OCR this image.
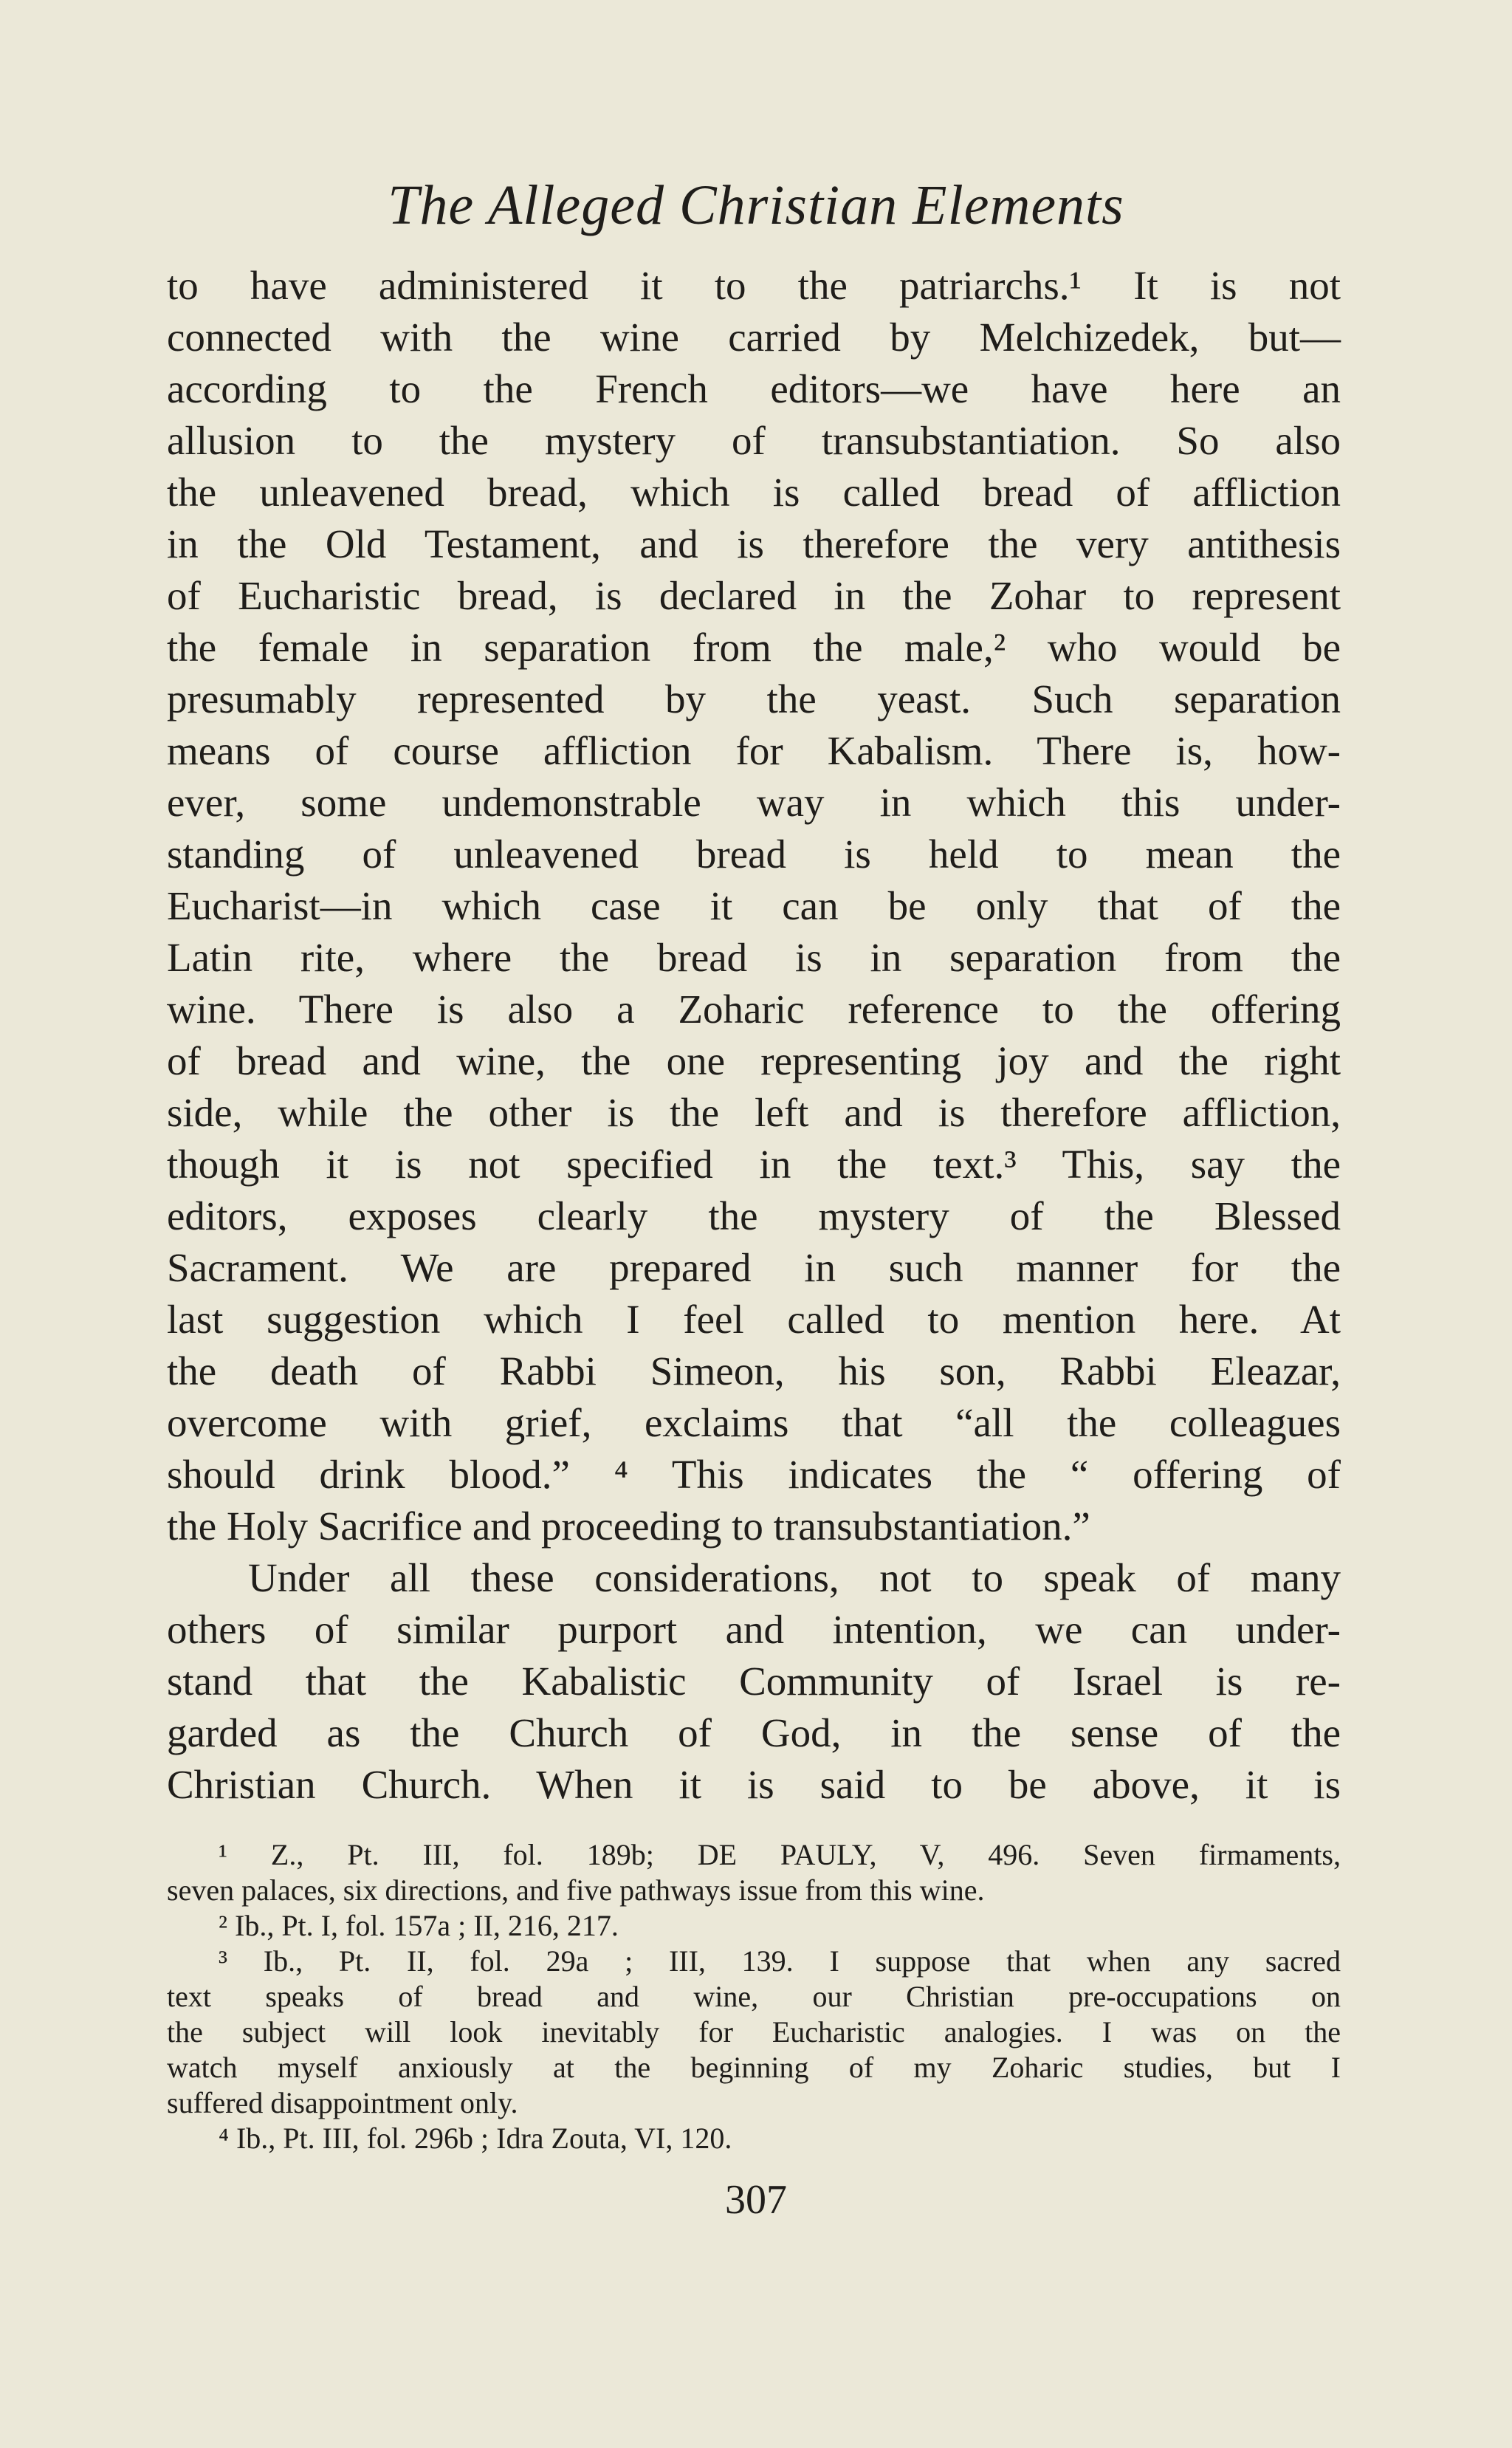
The Alleged Christian Elements
to have administered it to the patriarchs.¹ It is not
connected with the wine carried by Melchizedek, but—
according to the French editors—we have here an
allusion to the mystery of transubstantiation. So also
the unleavened bread, which is called bread of affliction
in the Old Testament, and is therefore the very antithesis
of Eucharistic bread, is declared in the Zohar to represent
the female in separation from the male,² who would be
presumably represented by the yeast. Such separation
means of course affliction for Kabalism. There is, how-
ever, some undemonstrable way in which this under-
standing of unleavened bread is held to mean the
Eucharist—in which case it can be only that of the
Latin rite, where the bread is in separation from the
wine. There is also a Zoharic reference to the offering
of bread and wine, the one representing joy and the right
side, while the other is the left and is therefore affliction,
though it is not specified in the text.³ This, say the
editors, exposes clearly the mystery of the Blessed
Sacrament. We are prepared in such manner for the
last suggestion which I feel called to mention here. At
the death of Rabbi Simeon, his son, Rabbi Eleazar,
overcome with grief, exclaims that “all the colleagues
should drink blood.” ⁴ This indicates the “ offering of
the Holy Sacrifice and proceeding to transubstantiation.”
Under all these considerations, not to speak of many
others of similar purport and intention, we can under-
stand that the Kabalistic Community of Israel is re-
garded as the Church of God, in the sense of the
Christian Church. When it is said to be above, it is
¹ Z., Pt. III, fol. 189b; DE PAULY, V, 496. Seven firmaments,
seven palaces, six directions, and five pathways issue from this wine.
² Ib., Pt. I, fol. 157a ; II, 216, 217.
³ Ib., Pt. II, fol. 29a ; III, 139. I suppose that when any sacred
text speaks of bread and wine, our Christian pre-occupations on
the subject will look inevitably for Eucharistic analogies. I was on the
watch myself anxiously at the beginning of my Zoharic studies, but I
suffered disappointment only.
⁴ Ib., Pt. III, fol. 296b ; Idra Zouta, VI, 120.
307
